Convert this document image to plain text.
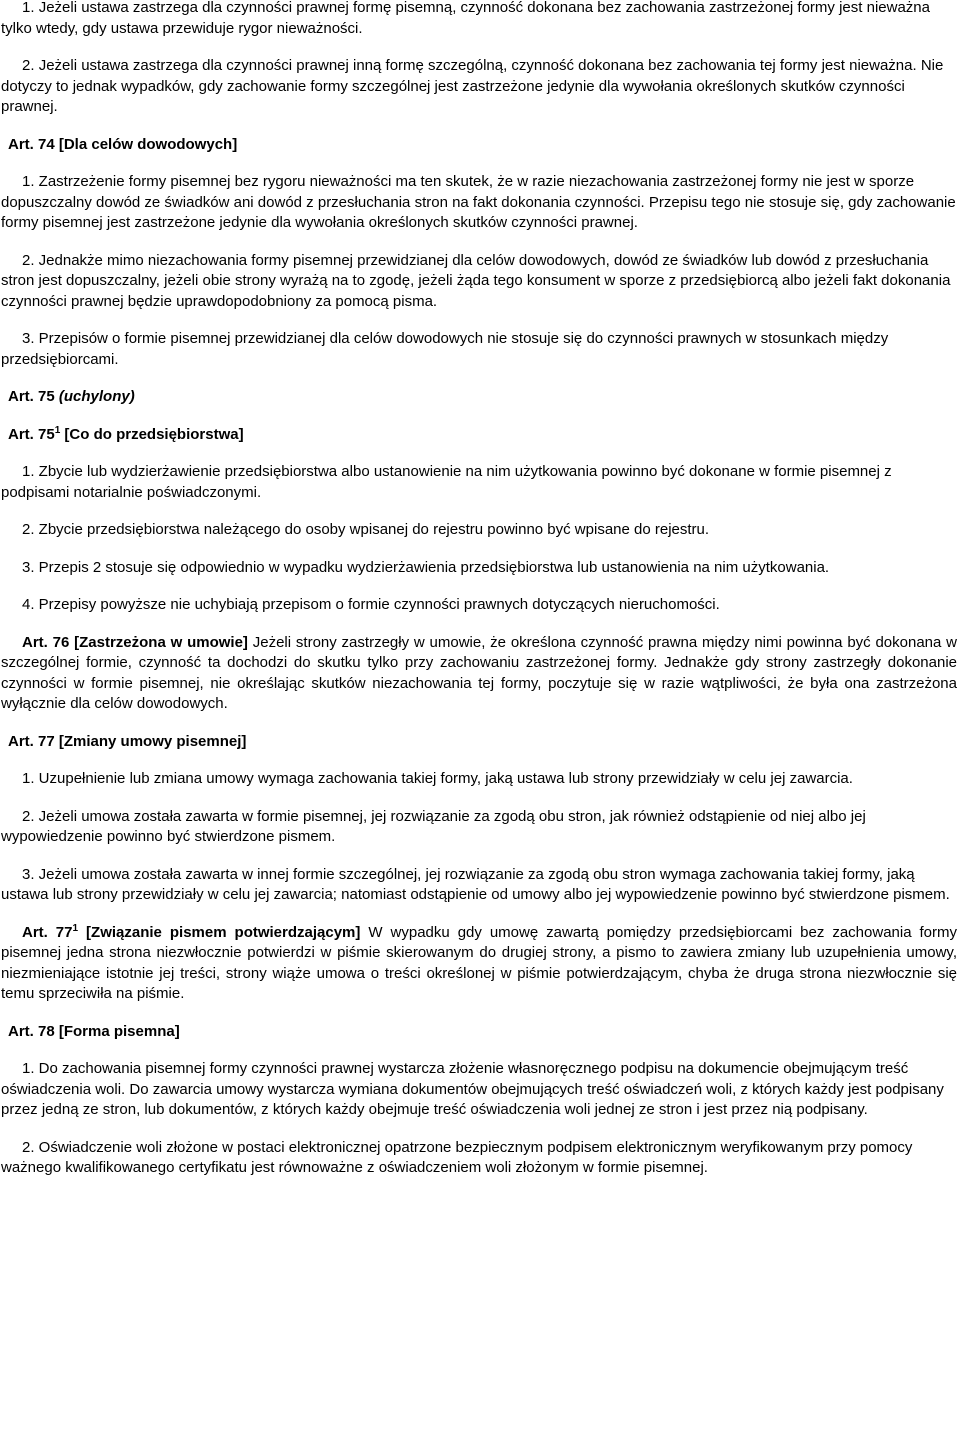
1. Jeżeli ustawa zastrzega dla czynności prawnej formę pisemną, czynność dokonana bez zachowania zastrzeżonej formy jest nieważna tylko wtedy, gdy ustawa przewiduje rygor nieważności.

2. Jeżeli ustawa zastrzega dla czynności prawnej inną formę szczególną, czynność dokonana bez zachowania tej formy jest nieważna. Nie dotyczy to jednak wypadków, gdy zachowanie formy szczególnej jest zastrzeżone jedynie dla wywołania określonych skutków czynności prawnej.

Art. 74 [Dla celów dowodowych]

1. Zastrzeżenie formy pisemnej bez rygoru nieważności ma ten skutek, że w razie niezachowania zastrzeżonej formy nie jest w sporze dopuszczalny dowód ze świadków ani dowód z przesłuchania stron na fakt dokonania czynności. Przepisu tego nie stosuje się, gdy zachowanie formy pisemnej jest zastrzeżone jedynie dla wywołania określonych skutków czynności prawnej.

2. Jednakże mimo niezachowania formy pisemnej przewidzianej dla celów dowodowych, dowód ze świadków lub dowód z przesłuchania stron jest dopuszczalny, jeżeli obie strony wyrażą na to zgodę, jeżeli żąda tego konsument w sporze z przedsiębiorcą albo jeżeli fakt dokonania czynności prawnej będzie uprawdopodobniony za pomocą pisma.

3. Przepisów o formie pisemnej przewidzianej dla celów dowodowych nie stosuje się do czynności prawnych w stosunkach między przedsiębiorcami.

Art. 75 (uchylony)

Art. $75^1$ [Co do przedsiębiorstwa]

1. Zbycie lub wydzierżawienie przedsiębiorstwa albo ustanowienie na nim użytkowania powinno być dokonane w formie pisemnej z podpisami notarialnie poświadczonymi.

2. Zbycie przedsiębiorstwa należącego do osoby wpisanej do rejestru powinno być wpisane do rejestru.

3. Przepis 2 stosuje się odpowiednio w wypadku wydzierżawienia przedsiębiorstwa lub ustanowienia na nim użytkowania.

4. Przepisy powyższe nie uchybiają przepisom o formie czynności prawnych dotyczących nieruchomości.

Art. 76 [Zastrzeżona w umowie] Jeżeli strony zastrzegły w umowie, że określona czynność prawna między nimi powinna być dokonana w szczególnej formie, czynność ta dochodzi do skutku tylko przy zachowaniu zastrzeżonej formy. Jednakże gdy strony zastrzegły dokonanie czynności w formie pisemnej, nie określając skutków niezachowania tej formy, poczytuje się w razie wątpliwości, że była ona zastrzeżona wyłącznie dla celów dowodowych.

Art. 77 [Zmiany umowy pisemnej]

1. Uzupełnienie lub zmiana umowy wymaga zachowania takiej formy, jaką ustawa lub strony przewidziały w celu jej zawarcia.

2. Jeżeli umowa została zawarta w formie pisemnej, jej rozwiązanie za zgodą obu stron, jak również odstąpienie od niej albo jej wypowiedzenie powinno być stwierdzone pismem.

3. Jeżeli umowa została zawarta w innej formie szczególnej, jej rozwiązanie za zgodą obu stron wymaga zachowania takiej formy, jaką ustawa lub strony przewidziały w celu jej zawarcia; natomiast odstąpienie od umowy albo jej wypowiedzenie powinno być stwierdzone pismem.

Art. $77^1$ [Związanie pismem potwierdzającym] W wypadku gdy umowę zawartą pomiędzy przedsiębiorcami bez zachowania formy pisemnej jedna strona niezwłocznie potwierdzi w piśmie skierowanym do drugiej strony, a pismo to zawiera zmiany lub uzupełnienia umowy, niezmieniające istotnie jej treści, strony wiąże umowa o treści określonej w piśmie potwierdzającym, chyba że druga strona niezwłocznie się temu sprzeciwiła na piśmie.

Art. 78 [Forma pisemna]

1. Do zachowania pisemnej formy czynności prawnej wystarcza złożenie własnoręcznego podpisu na dokumencie obejmującym treść oświadczenia woli. Do zawarcia umowy wystarcza wymiana dokumentów obejmujących treść oświadczeń woli, z których każdy jest podpisany przez jedną ze stron, lub dokumentów, z których każdy obejmuje treść oświadczenia woli jednej ze stron i jest przez nią podpisany.

2. Oświadczenie woli złożone w postaci elektronicznej opatrzone bezpiecznym podpisem elektronicznym weryfikowanym przy pomocy ważnego kwalifikowanego certyfikatu jest równoważne z oświadczeniem woli złożonym w formie pisemnej.
